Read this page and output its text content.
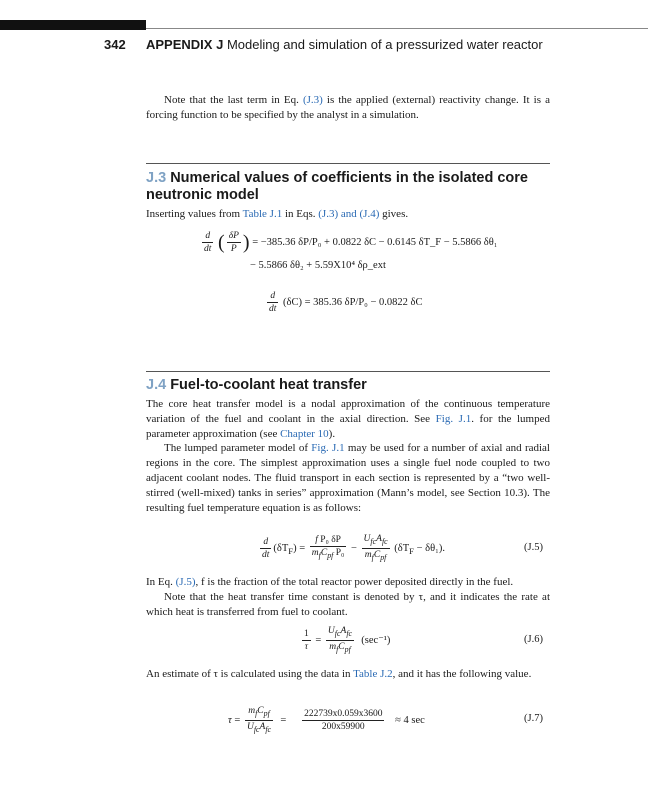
342 APPENDIX J Modeling and simulation of a pressurized water reactor
Note that the last term in Eq. (J.3) is the applied (external) reactivity change. It is a forcing function to be specified by the analyst in a simulation.
J.3 Numerical values of coefficients in the isolated core neutronic model
Inserting values from Table J.1 in Eqs. (J.3) and (J.4) gives.
$\frac{d}{dt}$ ( $\frac{\delta P}{P}$ ) = −385.36 δP/P₀ + 0.0822 δC − 0.6145 δT_F − 5.5866 δθ₁
− 5.5866 δθ₂ + 5.59X10⁴ δρ_ext
$\frac{d}{dt} (\delta C) = 385.36$ δP/P₀ − 0.0822 δC
J.4 Fuel-to-coolant heat transfer
The core heat transfer model is a nodal approximation of the continuous temperature variation of the fuel and coolant in the axial direction. See Fig. J.1. for the lumped parameter approximation (see Chapter 10).
The lumped parameter model of Fig. J.1 may be used for a number of axial and radial regions in the core. The simplest approximation uses a single fuel node coupled to two adjacent coolant nodes. The fluid transport in each section is represented by a “two well-stirred (well-mixed) tanks in series” approximation (Mann’s model, see Section 10.3). The resulting fuel temperature equation is as follows:
$\frac{d}{dt} (\delta T_F) = \frac{\text{f P₀ δP}}{m_fC_{pf} P_0} - \frac{U_{fc}A_{fc}}{m_fC_{pf}} (\delta T_F - \delta\theta_1)$.	(J.5)
In Eq. (J.5), f is the fraction of the total reactor power deposited directly in the fuel.
Note that the heat transfer time constant is denoted by τ, and it indicates the rate at which heat is transferred from fuel to coolant.
$\frac{1}{\tau} = \frac{U_{fc}A_{fc}}{m_fC_{pf}} (\sec^{-1})$	(J.6)
An estimate of τ is calculated using the data in Table J.2, and it has the following value.
$\tau = \frac{m_fC_{pf}}{U_{fc}A_{fc}} = \frac{222739x0.059x3600}{200x59900} \approx 4$ sec	(J.7)
